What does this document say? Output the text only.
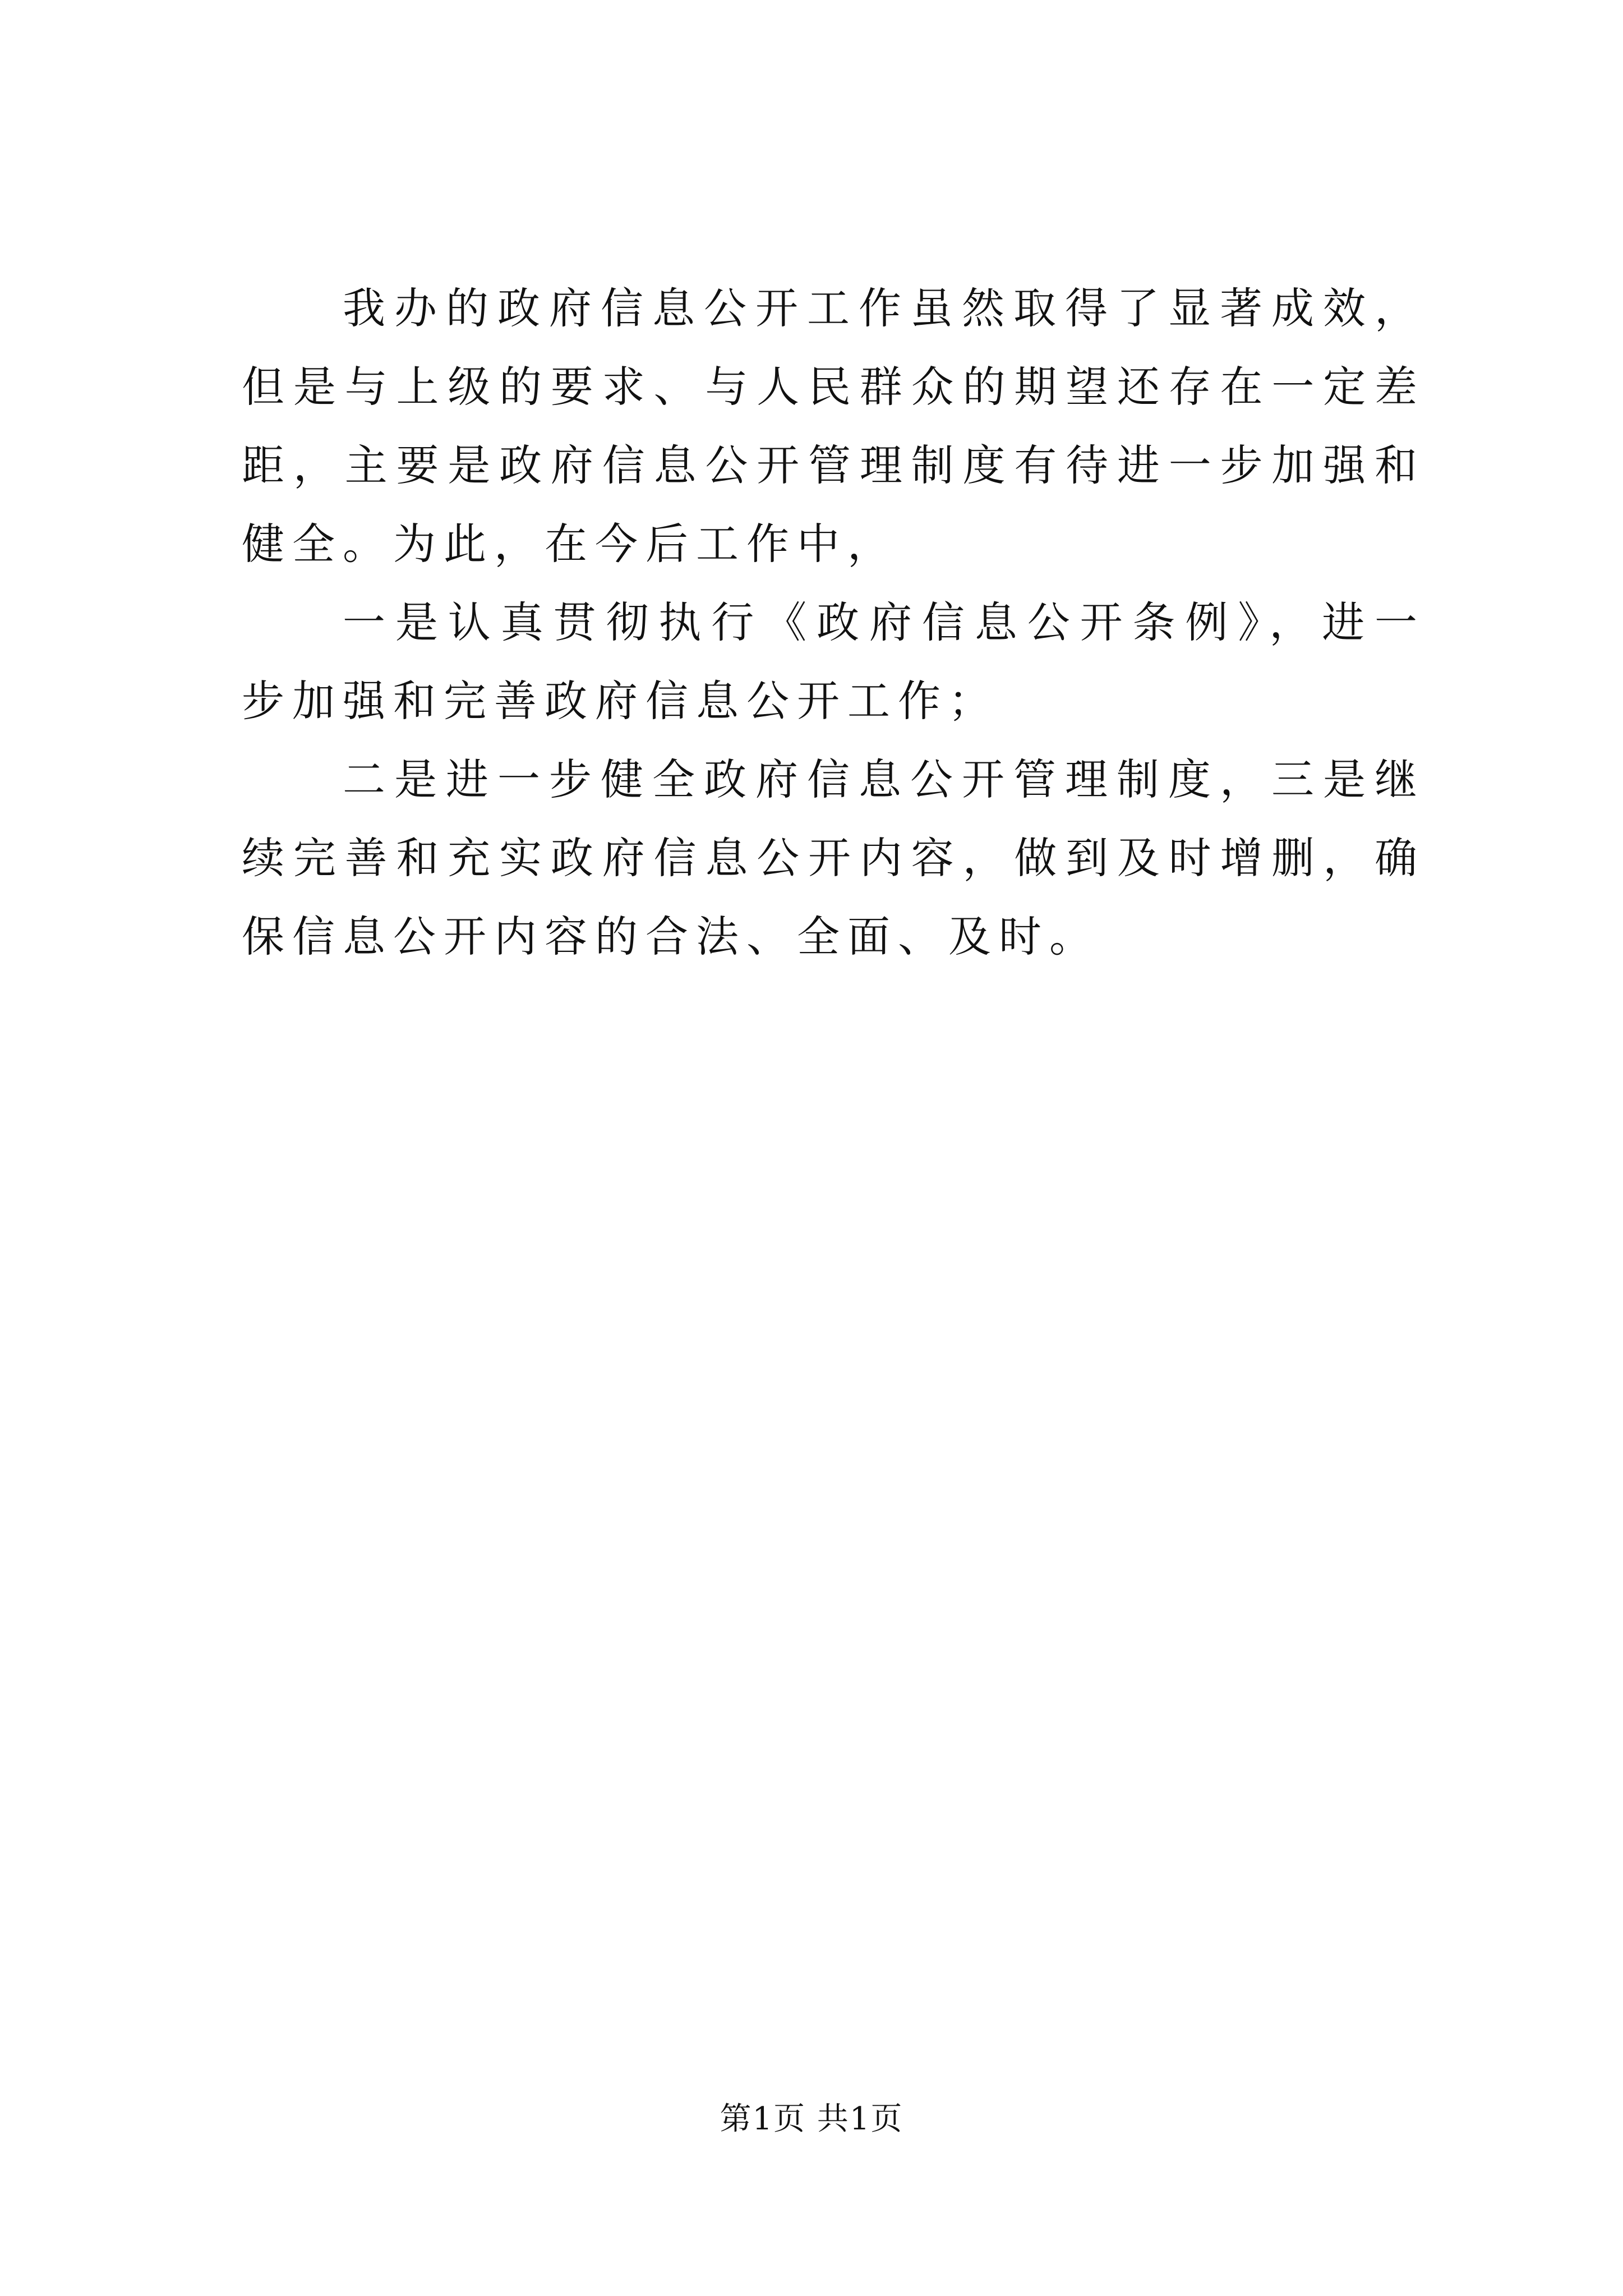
我办的政府信息公开工作虽然取得了显著成效，但是与上级的要求、与人民群众的期望还存在一定差距，主要是政府信息公开管理制度有待进一步加强和健全。为此，在今后工作中，

一是认真贯彻执行《政府信息公开条例》，进一步加强和完善政府信息公开工作；

二是进一步健全政府信息公开管理制度，三是继续完善和充实政府信息公开内容，做到及时增删，确保信息公开内容的合法、全面、及时。

第1页 共1页
